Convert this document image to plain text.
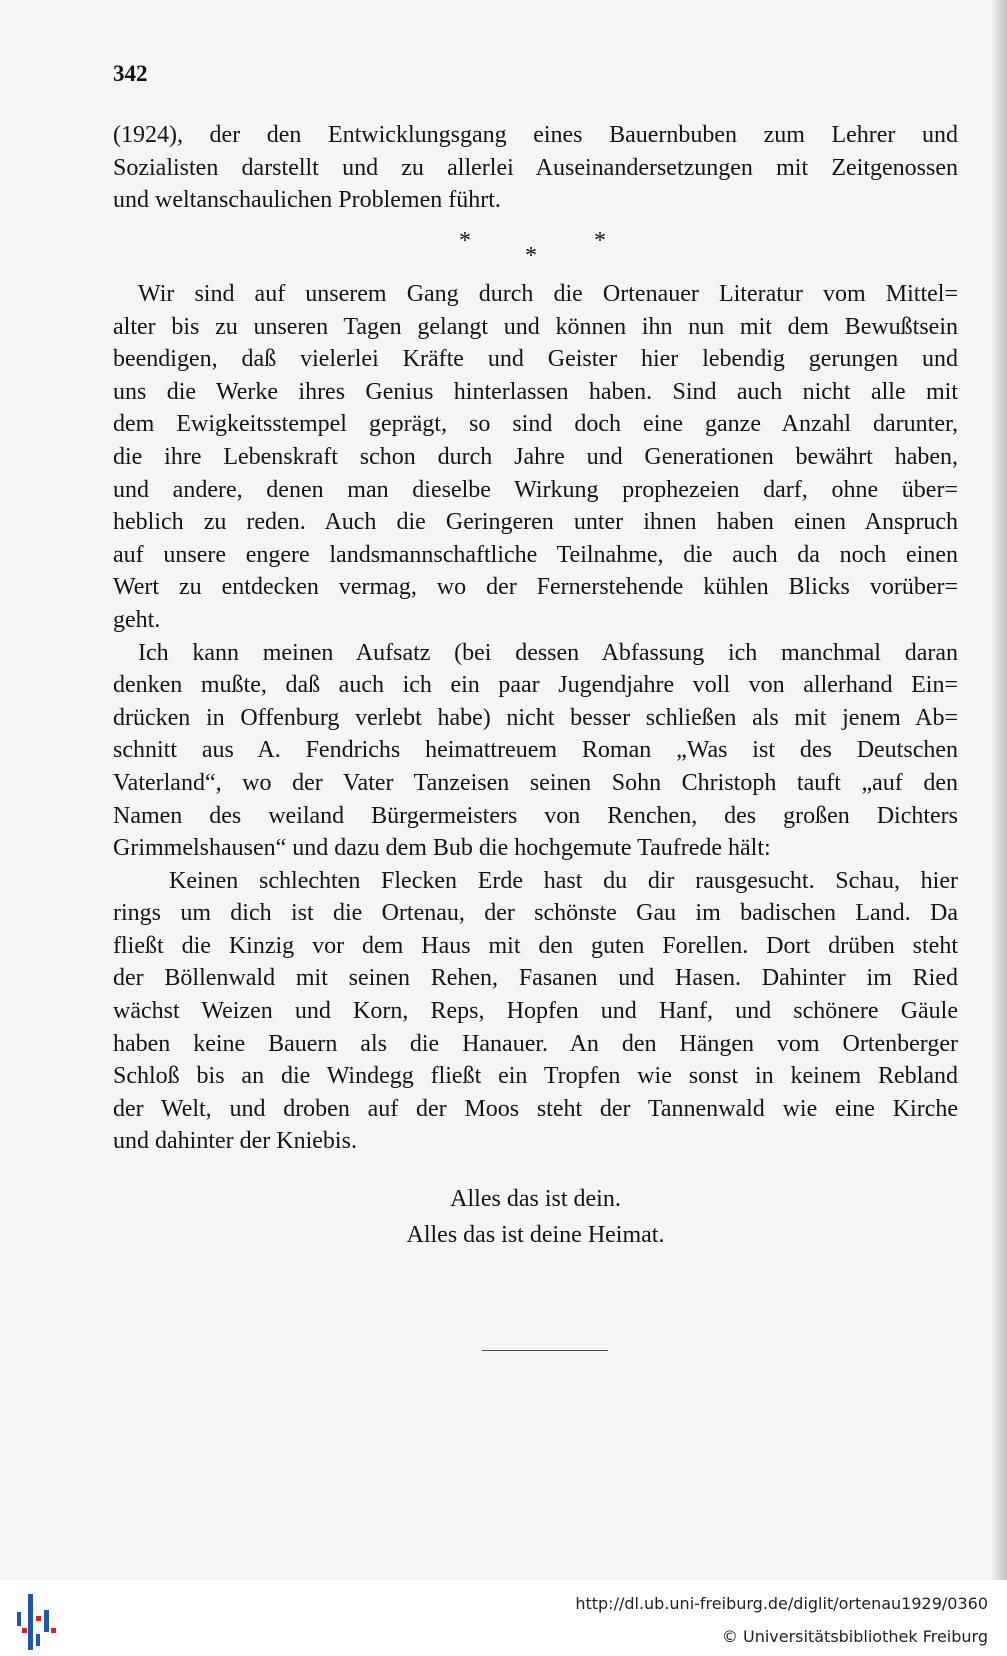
342
(1924), der den Entwicklungsgang eines Bauernbuben zum Lehrer und
Sozialisten darstellt und zu allerlei Auseinandersetzungen mit Zeitgenossen
und weltanschaulichen Problemen führt.
*	*
*
Wir sind auf unserem Gang durch die Ortenauer Literatur vom Mittel=
alter bis zu unseren Tagen gelangt und können ihn nun mit dem Bewußtsein
beendigen, daß vielerlei Kräfte und Geister hier lebendig gerungen und
uns die Werke ihres Genius hinterlassen haben. Sind auch nicht alle mit
dem Ewigkeitsstempel geprägt, so sind doch eine ganze Anzahl darunter,
die ihre Lebenskraft schon durch Jahre und Generationen bewährt haben,
und andere, denen man dieselbe Wirkung prophezeien darf, ohne über=
heblich zu reden. Auch die Geringeren unter ihnen haben einen Anspruch
auf unsere engere landsmannschaftliche Teilnahme, die auch da noch einen
Wert zu entdecken vermag, wo der Fernerstehende kühlen Blicks vorüber=
geht.
Ich kann meinen Aufsatz (bei dessen Abfassung ich manchmal daran
denken mußte, daß auch ich ein paar Jugendjahre voll von allerhand Ein=
drücken in Offenburg verlebt habe) nicht besser schließen als mit jenem Ab=
schnitt aus A. Fendrichs heimattreuem Roman „Was ist des Deutschen
Vaterland“, wo der Vater Tanzeisen seinen Sohn Christoph tauft „auf den
Namen des weiland Bürgermeisters von Renchen, des großen Dichters
Grimmelshausen“ und dazu dem Bub die hochgemute Taufrede hält:
Keinen schlechten Flecken Erde hast du dir rausgesucht. Schau, hier
rings um dich ist die Ortenau, der schönste Gau im badischen Land. Da
fließt die Kinzig vor dem Haus mit den guten Forellen. Dort drüben steht
der Böllenwald mit seinen Rehen, Fasanen und Hasen. Dahinter im Ried
wächst Weizen und Korn, Reps, Hopfen und Hanf, und schönere Gäule
haben keine Bauern als die Hanauer. An den Hängen vom Ortenberger
Schloß bis an die Windegg fließt ein Tropfen wie sonst in keinem Rebland
der Welt, und droben auf der Moos steht der Tannenwald wie eine Kirche
und dahinter der Kniebis.
Alles das ist dein.
Alles das ist deine Heimat.
http://dl.ub.uni-freiburg.de/diglit/ortenau1929/0360
© Universitätsbibliothek Freiburg
